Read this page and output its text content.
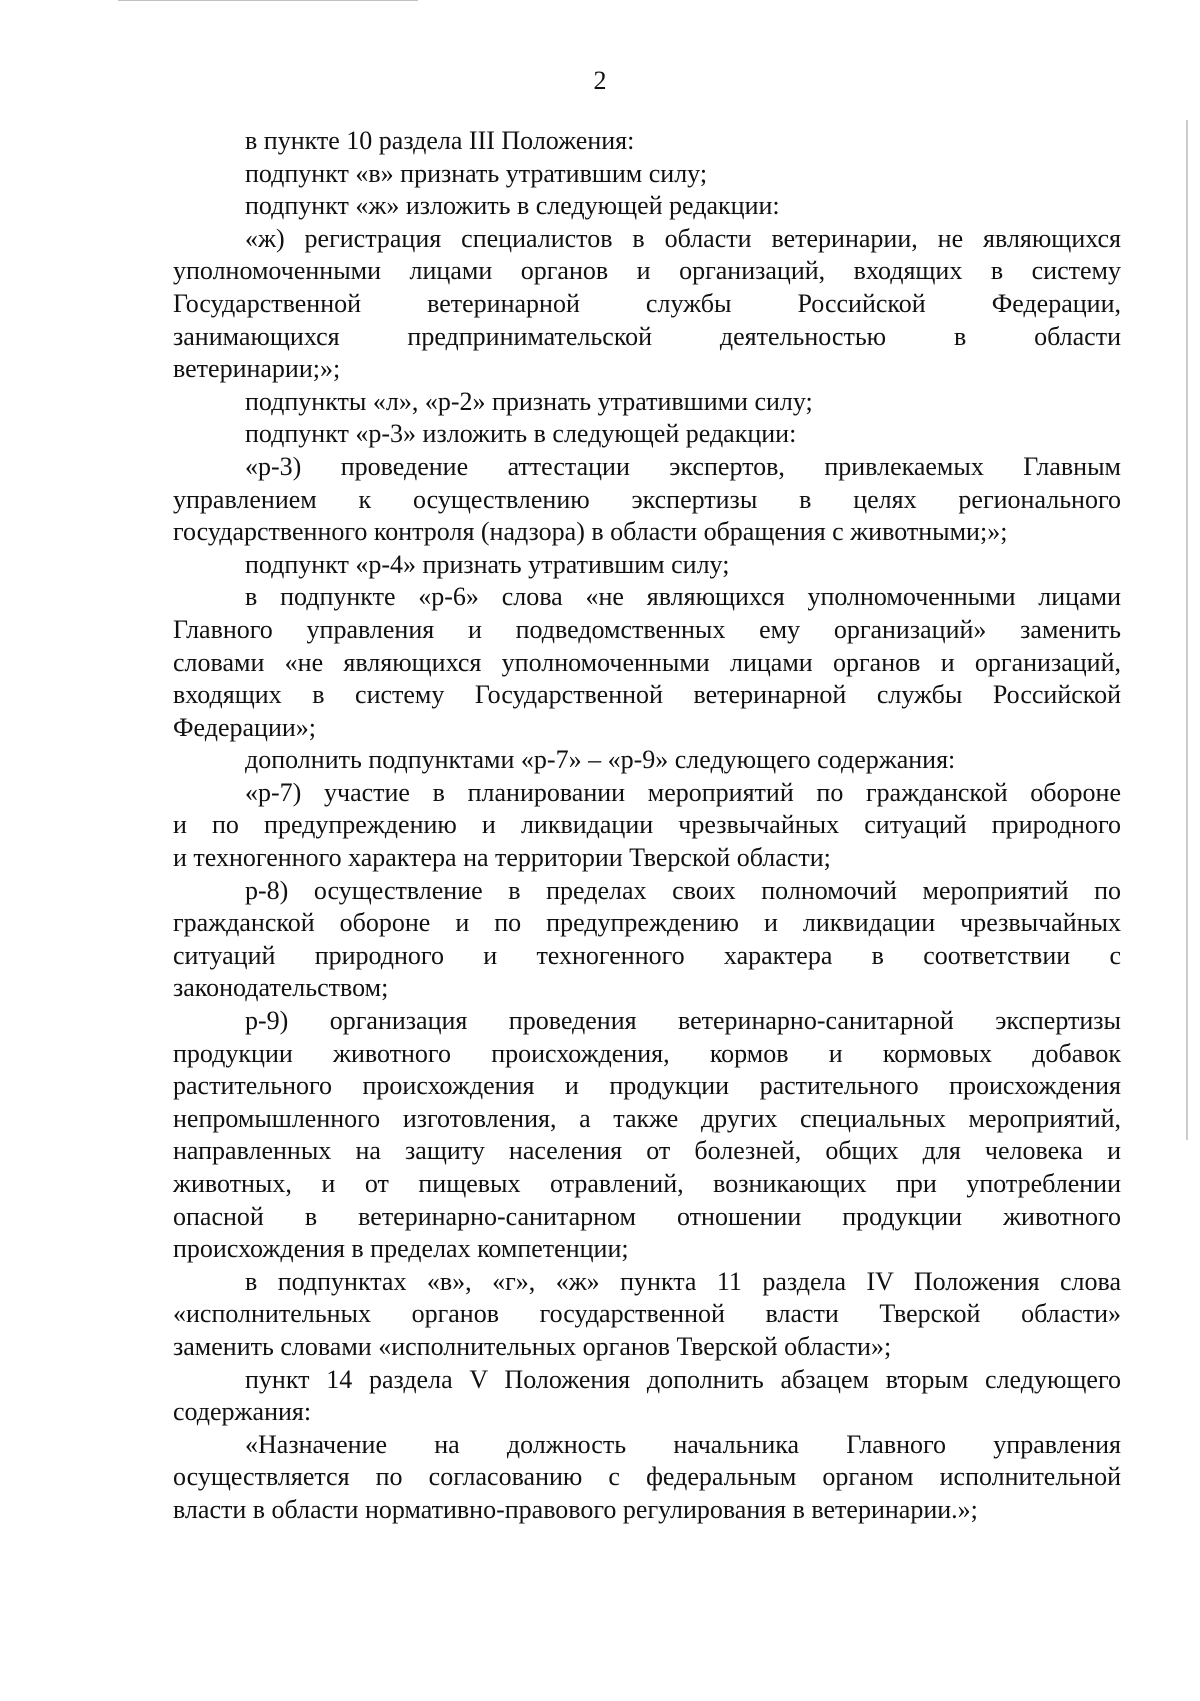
2
в пункте 10 раздела III Положения:
подпункт «в» признать утратившим силу;
подпункт «ж» изложить в следующей редакции:
«ж) регистрация специалистов в области ветеринарии, не являющихся
уполномоченными лицами органов и организаций, входящих в систему
Государственной ветеринарной службы Российской Федерации,
занимающихся предпринимательской деятельностью в области
ветеринарии;»;
подпункты «л», «р-2» признать утратившими силу;
подпункт «р-3» изложить в следующей редакции:
«р-3) проведение аттестации экспертов, привлекаемых Главным
управлением к осуществлению экспертизы в целях регионального
государственного контроля (надзора) в области обращения с животными;»;
подпункт «р-4» признать утратившим силу;
в подпункте «р-6» слова «не являющихся уполномоченными лицами
Главного управления и подведомственных ему организаций» заменить
словами «не являющихся уполномоченными лицами органов и организаций,
входящих в систему Государственной ветеринарной службы Российской
Федерации»;
дополнить подпунктами «р-7» – «р-9» следующего содержания:
«р-7) участие в планировании мероприятий по гражданской обороне
и по предупреждению и ликвидации чрезвычайных ситуаций природного
и техногенного характера на территории Тверской области;
р-8) осуществление в пределах своих полномочий мероприятий по
гражданской обороне и по предупреждению и ликвидации чрезвычайных
ситуаций природного и техногенного характера в соответствии с
законодательством;
р-9) организация проведения ветеринарно-санитарной экспертизы
продукции животного происхождения, кормов и кормовых добавок
растительного происхождения и продукции растительного происхождения
непромышленного изготовления, а также других специальных мероприятий,
направленных на защиту населения от болезней, общих для человека и
животных, и от пищевых отравлений, возникающих при употреблении
опасной в ветеринарно-санитарном отношении продукции животного
происхождения в пределах компетенции;
в подпунктах «в», «г», «ж» пункта 11 раздела IV Положения слова
«исполнительных органов государственной власти Тверской области»
заменить словами «исполнительных органов Тверской области»;
пункт 14 раздела V Положения дополнить абзацем вторым следующего
содержания:
«Назначение на должность начальника Главного управления
осуществляется по согласованию с федеральным органом исполнительной
власти в области нормативно-правового регулирования в ветеринарии.»;
